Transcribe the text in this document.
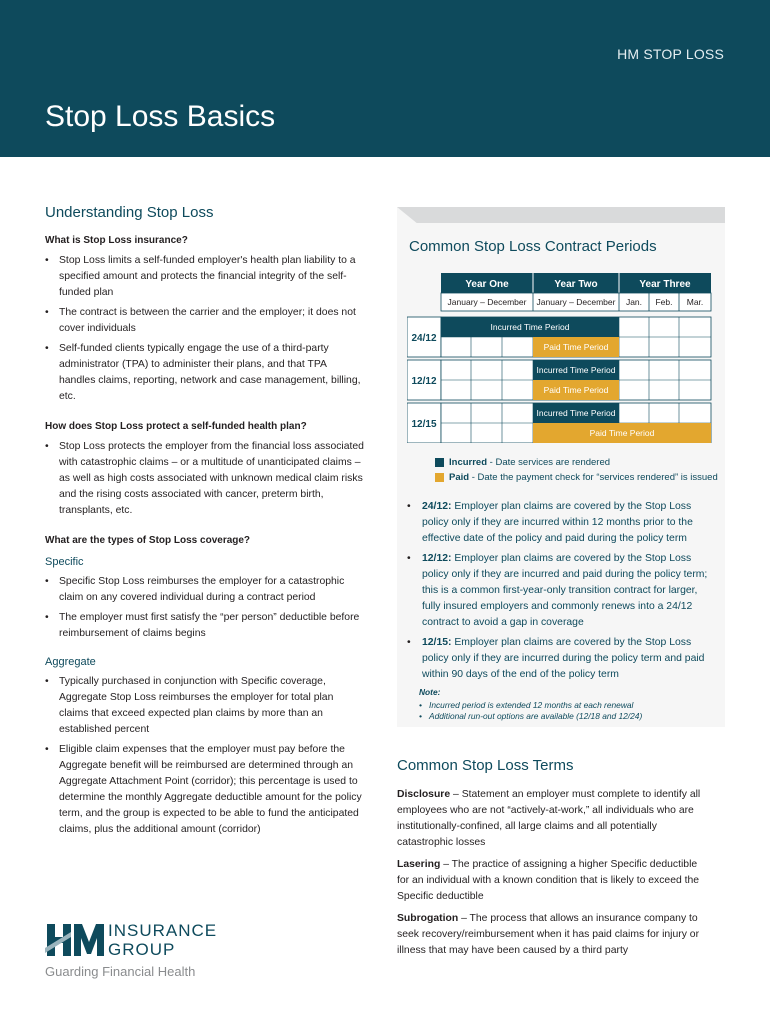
HM STOP LOSS
Stop Loss Basics
Understanding Stop Loss
What is Stop Loss insurance?
• Stop Loss limits a self-funded employer's health plan liability to a specified amount and protects the financial integrity of the self-funded plan
• The contract is between the carrier and the employer; it does not cover individuals
• Self-funded clients typically engage the use of a third-party administrator (TPA) to administer their plans, and that TPA handles claims, reporting, network and case management, billing, etc.
How does Stop Loss protect a self-funded health plan?
• Stop Loss protects the employer from the financial loss associated with catastrophic claims – or a multitude of unanticipated claims – as well as high costs associated with unknown medical claim risks and the rising costs associated with cancer, preterm birth, transplants, etc.
What are the types of Stop Loss coverage?
Specific
• Specific Stop Loss reimburses the employer for a catastrophic claim on any covered individual during a contract period
• The employer must first satisfy the “per person” deductible before reimbursement of claims begins
Aggregate
• Typically purchased in conjunction with Specific coverage, Aggregate Stop Loss reimburses the employer for total plan claims that exceed expected plan claims by more than an established percent
• Eligible claim expenses that the employer must pay before the Aggregate benefit will be reimbursed are determined through an Aggregate Attachment Point (corridor); this percentage is used to determine the monthly Aggregate deductible amount for the policy term, and the group is expected to be able to fund the anticipated claims, plus the additional amount (corridor)
INSURANCE
GROUP
Guarding Financial Health
Common Stop Loss Contract Periods
Year One	Year Two	Year Three
January – December January – December Jan. Feb. Mar.
24/12
Incurred Time Period
Paid Time Period
12/12
Incurred Time Period
Paid Time Period
12/15
Incurred Time Period
Paid Time Period
Incurred - Date services are rendered
Paid - Date the payment check for “services rendered” is issued
• 24/12: Employer plan claims are covered by the Stop Loss policy only if they are incurred within 12 months prior to the effective date of the policy and paid during the policy term
• 12/12: Employer plan claims are covered by the Stop Loss policy only if they are incurred and paid during the policy term; this is a common first-year-only transition contract for larger, fully insured employers and commonly renews into a 24/12 contract to avoid a gap in coverage
• 12/15: Employer plan claims are covered by the Stop Loss policy only if they are incurred during the policy term and paid within 90 days of the end of the policy term
Note:
• Incurred period is extended 12 months at each renewal
• Additional run-out options are available (12/18 and 12/24)
Common Stop Loss Terms

Disclosure – Statement an employer must complete to identify all employees who are not “actively-at-work,” all individuals who are institutionally-confined, all large claims and all potentially catastrophic losses

Lasering – The practice of assigning a higher Specific deductible for an individual with a known condition that is likely to exceed the Specific deductible

Subrogation – The process that allows an insurance company to seek recovery/reimbursement when it has paid claims for injury or illness that may have been caused by a third party
